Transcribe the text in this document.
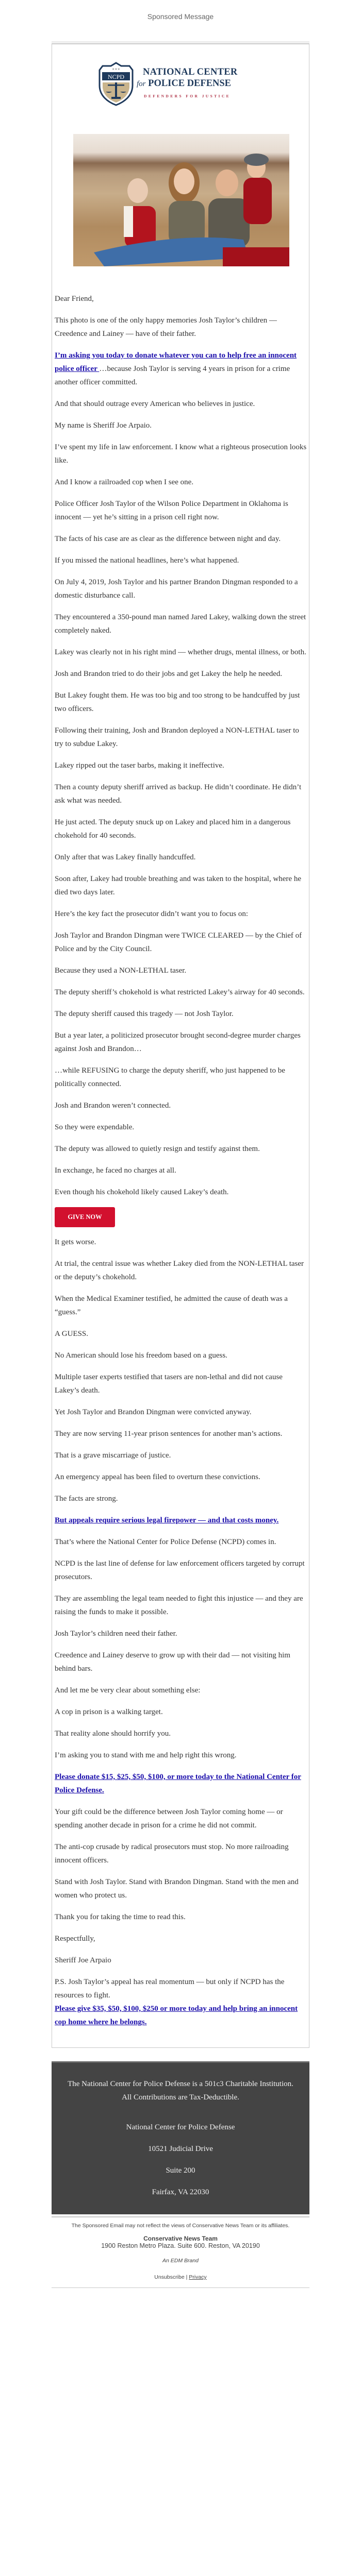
Sponsored Message
NCPD
★★★ NATIONAL CENTER
for POLICE DEFENSE
DEFENDERS FOR JUSTICE

Dear Friend,

This photo is one of the only happy memories Josh Taylor’s children — Creedence and Lainey — have of their father.

I’m asking you today to donate whatever you can to help free an innocent police officer …because Josh Taylor is serving 4 years in prison for a crime another officer committed.

And that should outrage every American who believes in justice.

My name is Sheriff Joe Arpaio.

I’ve spent my life in law enforcement. I know what a righteous prosecution looks like.

And I know a railroaded cop when I see one.

Police Officer Josh Taylor of the Wilson Police Department in Oklahoma is innocent — yet he’s sitting in a prison cell right now.

The facts of his case are as clear as the difference between night and day.

If you missed the national headlines, here’s what happened.

On July 4, 2019, Josh Taylor and his partner Brandon Dingman responded to a domestic disturbance call.

They encountered a 350-pound man named Jared Lakey, walking down the street completely naked.

Lakey was clearly not in his right mind — whether drugs, mental illness, or both.

Josh and Brandon tried to do their jobs and get Lakey the help he needed.

But Lakey fought them. He was too big and too strong to be handcuffed by just two officers.

Following their training, Josh and Brandon deployed a NON-LETHAL taser to try to subdue Lakey.

Lakey ripped out the taser barbs, making it ineffective.

Then a county deputy sheriff arrived as backup. He didn’t coordinate. He didn’t ask what was needed.

He just acted. The deputy snuck up on Lakey and placed him in a dangerous chokehold for 40 seconds.

Only after that was Lakey finally handcuffed.

Soon after, Lakey had trouble breathing and was taken to the hospital, where he died two days later.

Here’s the key fact the prosecutor didn’t want you to focus on:

Josh Taylor and Brandon Dingman were TWICE CLEARED — by the Chief of Police and by the City Council.

Because they used a NON-LETHAL taser.

The deputy sheriff’s chokehold is what restricted Lakey’s airway for 40 seconds.

The deputy sheriff caused this tragedy — not Josh Taylor.

But a year later, a politicized prosecutor brought second-degree murder charges against Josh and Brandon…

…while REFUSING to charge the deputy sheriff, who just happened to be politically connected.

Josh and Brandon weren’t connected.

So they were expendable.

The deputy was allowed to quietly resign and testify against them.

In exchange, he faced no charges at all.

Even though his chokehold likely caused Lakey’s death.

GIVE NOW

It gets worse.

At trial, the central issue was whether Lakey died from the NON-LETHAL taser or the deputy’s chokehold.

When the Medical Examiner testified, he admitted the cause of death was a “guess.”

A GUESS.

No American should lose his freedom based on a guess.

Multiple taser experts testified that tasers are non-lethal and did not cause Lakey’s death.

Yet Josh Taylor and Brandon Dingman were convicted anyway.

They are now serving 11-year prison sentences for another man’s actions.

That is a grave miscarriage of justice.

An emergency appeal has been filed to overturn these convictions.

The facts are strong.

But appeals require serious legal firepower — and that costs money.

That’s where the National Center for Police Defense (NCPD) comes in.

NCPD is the last line of defense for law enforcement officers targeted by corrupt prosecutors.

They are assembling the legal team needed to fight this injustice — and they are raising the funds to make it possible.

Josh Taylor’s children need their father.

Creedence and Lainey deserve to grow up with their dad — not visiting him behind bars.

And let me be very clear about something else:

A cop in prison is a walking target.

That reality alone should horrify you.

I’m asking you to stand with me and help right this wrong.

Please donate $15, $25, $50, $100, or more today to the National Center for Police Defense.

Your gift could be the difference between Josh Taylor coming home — or spending another decade in prison for a crime he did not commit.

The anti-cop crusade by radical prosecutors must stop. No more railroading innocent officers.

Stand with Josh Taylor. Stand with Brandon Dingman. Stand with the men and women who protect us.

Thank you for taking the time to read this.

Respectfully,

Sheriff Joe Arpaio

P.S. Josh Taylor’s appeal has real momentum — but only if NCPD has the resources to fight.

Please give $35, $50, $100, $250 or more today and help bring an innocent cop home where he belongs.

The National Center for Police Defense is a 501c3 Charitable Institution.
All Contributions are Tax-Deductible.
National Center for Police Defense
10521 Judicial Drive
Suite 200
Fairfax, VA 22030
The Sponsored Email may not reflect the views of Conservative News Team or its affiliates.
Conservative News Team
1900 Reston Metro Plaza. Suite 600. Reston, VA 20190
An EDM Brand
Unsubscribe | Privacy
